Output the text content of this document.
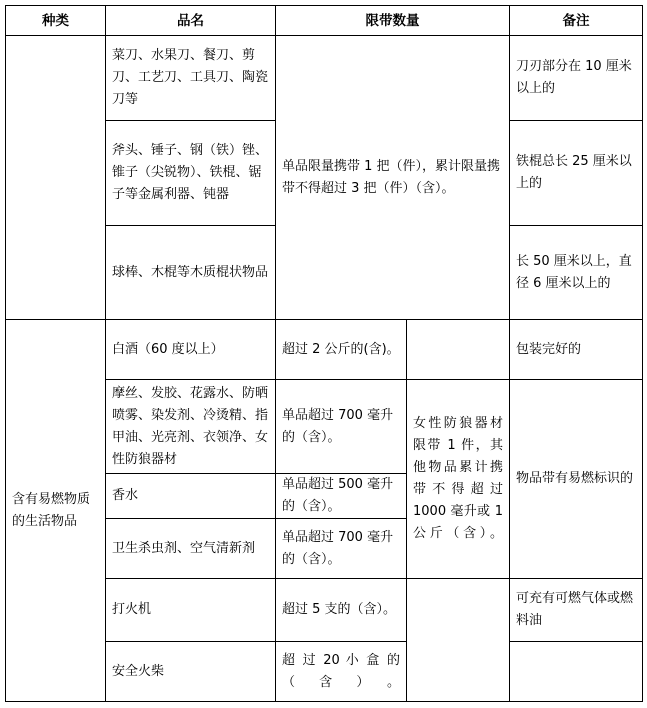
种类	品名	限带数量		备注
	菜刀、水果刀、餐刀、剪刀、工艺刀、工具刀、陶瓷刀等	单品限量携带 1 把（件），累计限量携带不得超过 3 把（件）（含）。		刀刃部分在 10 厘米以上的
	斧头、锤子、钢（铁）锉、锥子（尖锐物）、铁棍、锯子等金属利器、钝器			铁棍总长 25 厘米以上的
	球棒、木棍等木质棍状物品			长 50 厘米以上，直径 6 厘米以上的
含有易燃物质的生活物品	白酒（60 度以上）	超过 2 公斤的(含)。		包装完好的
	摩丝、发胶、花露水、防晒喷雾、染发剂、冷烫精、指甲油、光亮剂、衣领净、女性防狼器材	单品超过 700 毫升的（含）。	女性防狼器材限带 1 件，其他物品累计携带不得超过 1000 毫升或 1 公斤（含）。	物品带有易燃标识的
	香水	单品超过 500 毫升的（含）。		
	卫生杀虫剂、空气清新剂	单品超过 700 毫升的（含）。		
	打火机	超过 5 支的（含）。		可充有可燃气体或燃料油
	安全火柴	超 过 20 小 盒 的（含）。		
